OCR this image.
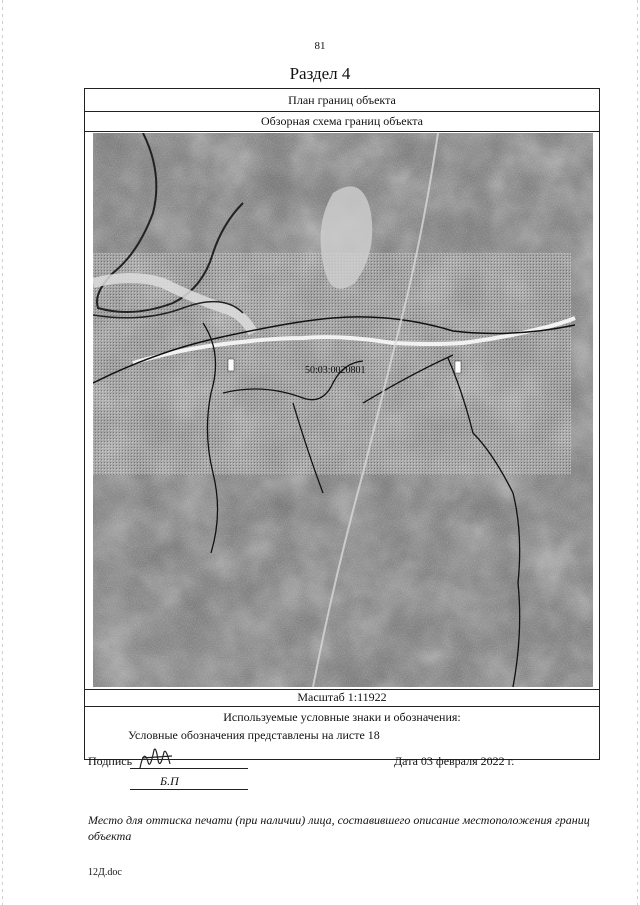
81
Раздел 4
План границ объекта
Обзорная схема границ объекта
50:03:0020801
Масштаб 1:11922
Используемые условные знаки и обозначения:
Условные обозначения представлены на листе 18
Подпись
Б.П
Дата 03 февраля 2022 г.
Место для оттиска печати (при наличии) лица, составившего описание местоположения границ объекта
12Д.doc
